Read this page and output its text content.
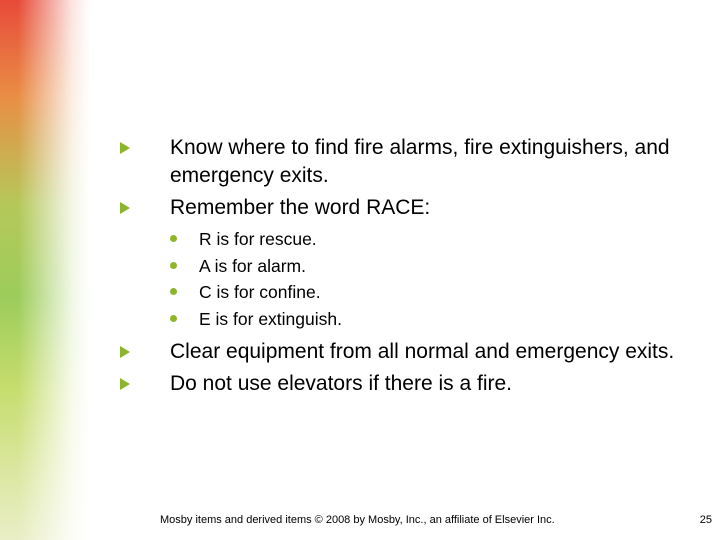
Know where to find fire alarms, fire extinguishers, and emergency exits.
Remember the word RACE:
R is for rescue.
A is for alarm.
C is for confine.
E is for extinguish.
Clear equipment from all normal and emergency exits.
Do not use elevators if there is a fire.
Mosby items and derived items © 2008 by Mosby, Inc., an affiliate of Elsevier Inc.	25
